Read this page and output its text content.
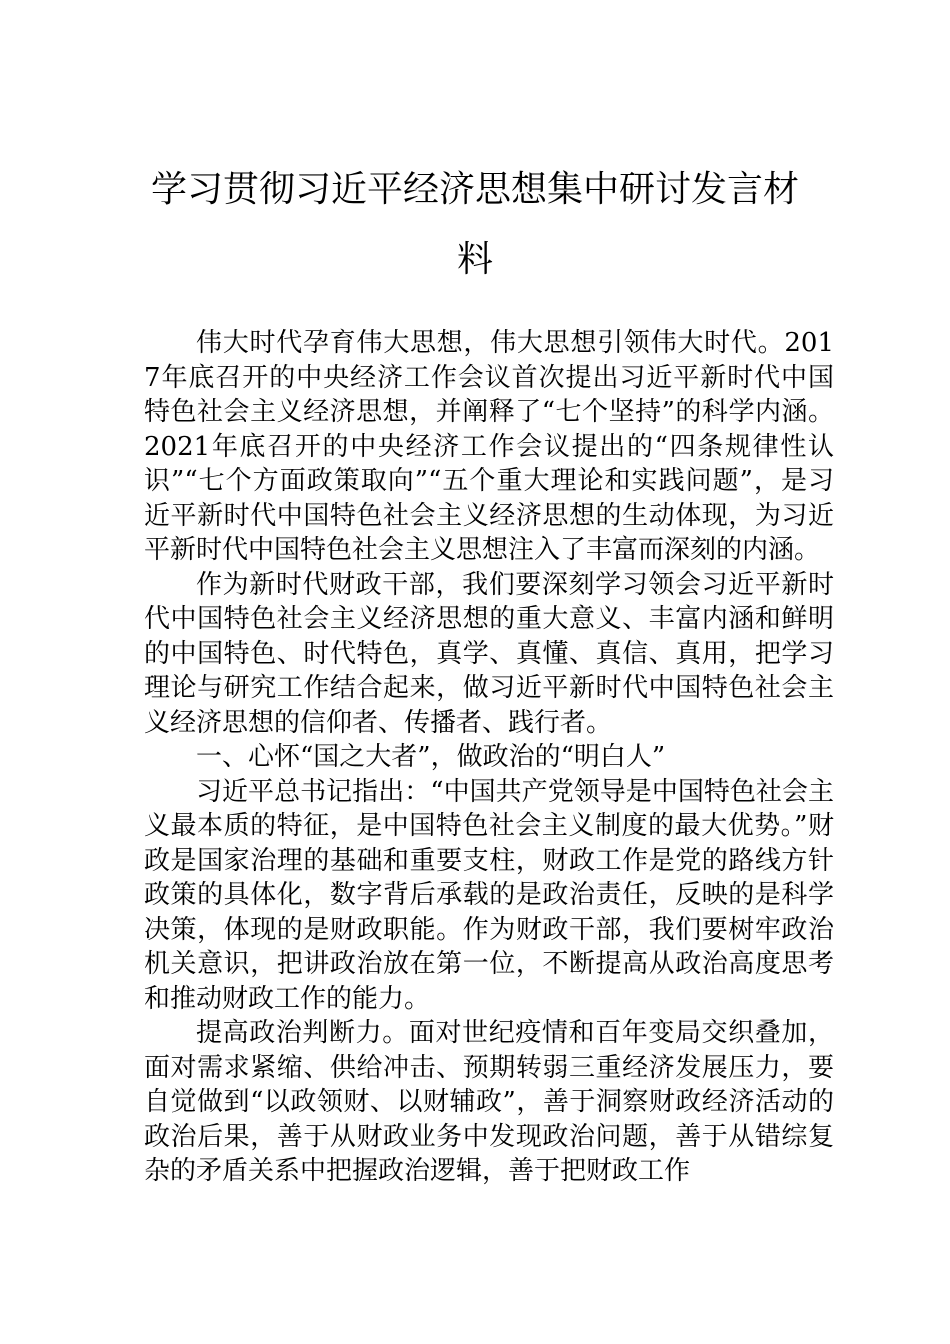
学习贯彻习近平经济思想集中研讨发言材
料

伟大时代孕育伟大思想，伟大思想引领伟大时代。2017年底召开的中央经济工作会议首次提出习近平新时代中国特色社会主义经济思想，并阐释了“七个坚持”的科学内涵。2021年底召开的中央经济工作会议提出的“四条规律性认识”“七个方面政策取向”“五个重大理论和实践问题”，是习近平新时代中国特色社会主义经济思想的生动体现，为习近平新时代中国特色社会主义思想注入了丰富而深刻的内涵。

作为新时代财政干部，我们要深刻学习领会习近平新时代中国特色社会主义经济思想的重大意义、丰富内涵和鲜明的中国特色、时代特色，真学、真懂、真信、真用，把学习理论与研究工作结合起来，做习近平新时代中国特色社会主义经济思想的信仰者、传播者、践行者。

一、心怀“国之大者”，做政治的“明白人”

习近平总书记指出：“中国共产党领导是中国特色社会主义最本质的特征，是中国特色社会主义制度的最大优势。”财政是国家治理的基础和重要支柱，财政工作是党的路线方针政策的具体化，数字背后承载的是政治责任，反映的是科学决策，体现的是财政职能。作为财政干部，我们要树牢政治机关意识，把讲政治放在第一位，不断提高从政治高度思考和推动财政工作的能力。

提高政治判断力。面对世纪疫情和百年变局交织叠加，面对需求紧缩、供给冲击、预期转弱三重经济发展压力，要自觉做到“以政领财、以财辅政”，善于洞察财政经济活动的政治后果，善于从财政业务中发现政治问题，善于从错综复杂的矛盾关系中把握政治逻辑，善于把财政工作
